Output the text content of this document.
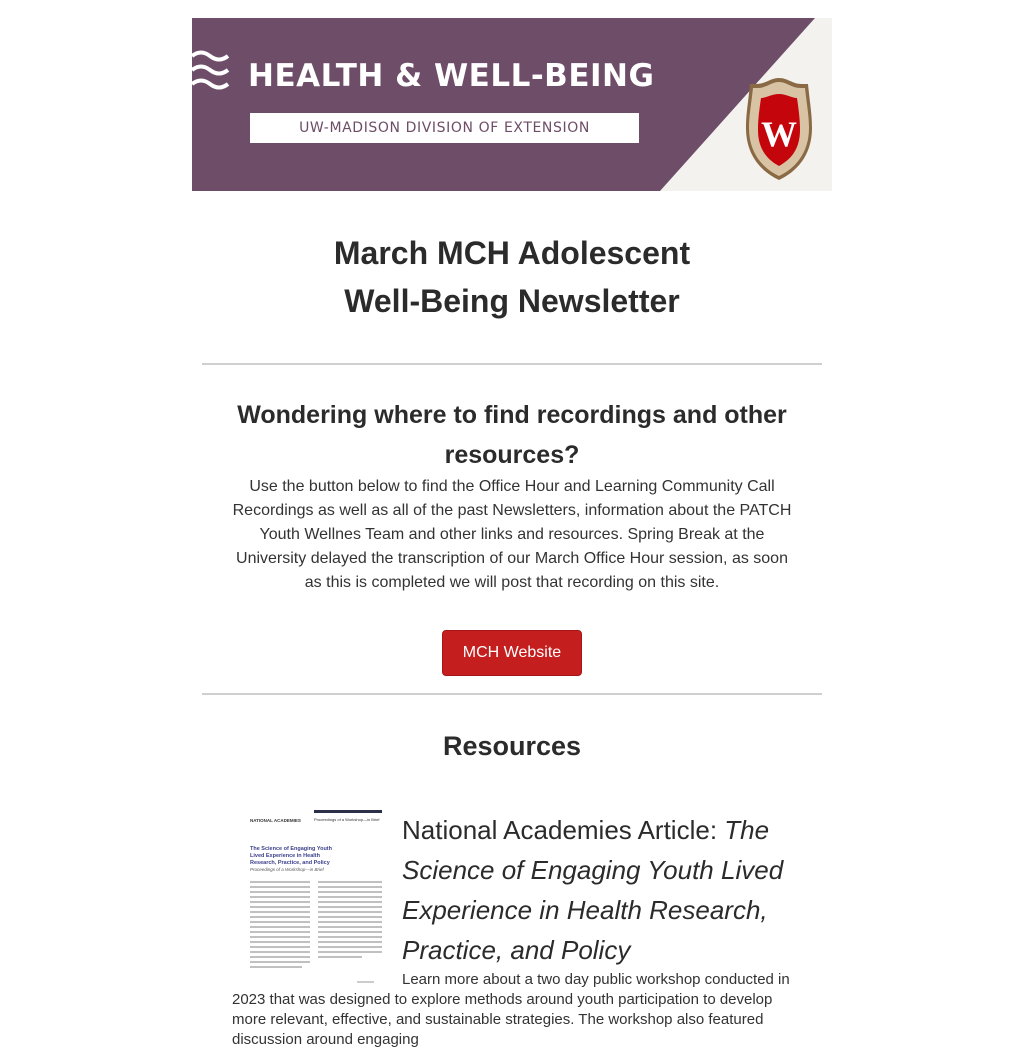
HEALTH & WELL-BEING
UW-MADISON DIVISION OF EXTENSION	W
March MCH Adolescent
Well-Being Newsletter
Wondering where to find recordings and other resources?
Use the button below to find the Office Hour and Learning Community Call Recordings as well as all of the past Newsletters, information about the PATCH Youth Wellnes Team and other links and resources. Spring Break at the University delayed the transcription of our March Office Hour session, as soon as this is completed we will post that recording on this site.
MCH Website
Resources
Proceedings of a Workshop—in Brief
NATIONAL ACADEMIES
The Science of Engaging Youth
Lived Experience in Health
Research, Practice, and Policy
Proceedings of a Workshop—in Brief
National Academies Article: The Science of Engaging Youth Lived Experience in Health Research, Practice, and Policy
Learn more about a two day public workshop conducted in 2023 that was designed to explore methods around youth participation to develop more relevant, effective, and sustainable strategies. The workshop also featured discussion around engaging
